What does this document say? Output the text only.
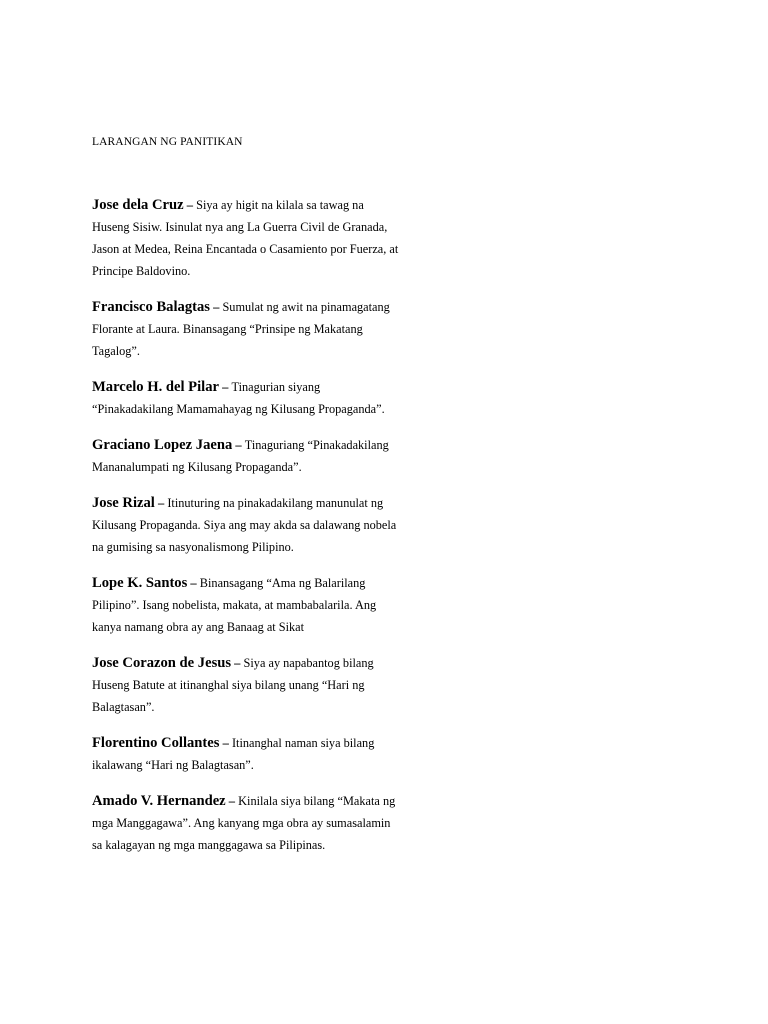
LARANGAN NG PANITIKAN

Jose dela Cruz – Siya ay higit na kilala sa tawag na Huseng Sisiw. Isinulat nya ang La Guerra Civil de Granada, Jason at Medea, Reina Encantada o Casamiento por Fuerza, at Principe Baldovino.

Francisco Balagtas – Sumulat ng awit na pinamagatang Florante at Laura. Binansagang “Prinsipe ng Makatang Tagalog”.

Marcelo H. del Pilar – Tinagurian siyang “Pinakadakilang Mamamahayag ng Kilusang Propaganda”.

Graciano Lopez Jaena – Tinaguriang “Pinakadakilang Mananalumpati ng Kilusang Propaganda”.

Jose Rizal – Itinuturing na pinakadakilang manunulat ng Kilusang Propaganda. Siya ang may akda sa dalawang nobela na gumising sa nasyonalismong Pilipino.

Lope K. Santos – Binansagang “Ama ng Balarilang Pilipino”. Isang nobelista, makata, at mambabalarila. Ang kanya namang obra ay ang Banaag at Sikat

Jose Corazon de Jesus – Siya ay napabantog bilang Huseng Batute at itinanghal siya bilang unang “Hari ng Balagtasan”.

Florentino Collantes – Itinanghal naman siya bilang ikalawang “Hari ng Balagtasan”.

Amado V. Hernandez – Kinilala siya bilang “Makata ng mga Manggagawa”. Ang kanyang mga obra ay sumasalamin sa kalagayan ng mga manggagawa sa Pilipinas.
